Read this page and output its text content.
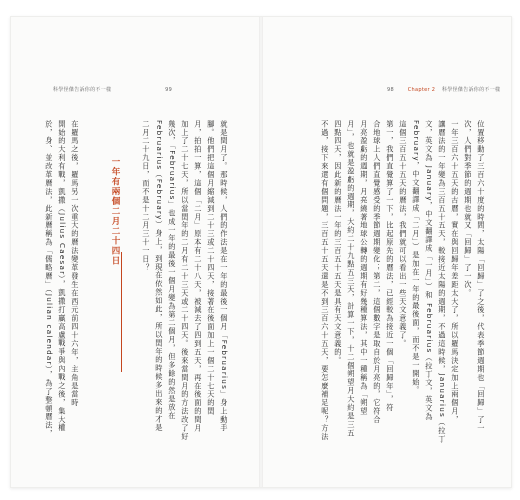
科學怪傑告訴你的不一樣	99
一年有兩個二月二十四日
於，身、並改革曆法，此新曆稱為「儒略曆」（Julian calendar），為了整頓曆法， 開始的大利有戰，凱撒（Julius Caesar），凱撒打贏高盧戰爭與內戰之後，集大權 在羅馬之後，羅馬另一次重大的曆法變革發生在西元前四十六年，主角是當時	二月二十九日，而不是十二月三十一日？ Februarius（February）身上，到現在依然如此，所以閏年的時候多出來的才是 幾次，「Februarius」也成一年的最後一個月變為第二個月，但多餘的然是放在 加上了二十七天，所以當閏年的二月有二十三天或二十四天。後來當閏月的方法改了好 月，拍拍一算，這個「二月」原本有二十八天，被減去了四到五天，再在後面的閏月 腳。他們把這個月縮減到二十三或二十四天，接著在後面加上一個二十七天的閏 就是閏月了。那時候，人們的作法是在一年的最後一個月「Februarius」身上動手
98	Chapter 2 科學怪傑告訴你的不一樣
不過，接下來還有個問題，三百五十五天還是不到三百六十五天，要怎麼補足呢？方法 四點四天，因此新的曆法一年的三百五十五天是具有天文意義的。 月」，也就是盈虧的週期，大約二十九點五三天，計算一下，十二個朔望月大約是三五 月亮盈虧的週期，月亮繞著地球公轉的週期有好幾種算法，其中一種稱為「朔望 合地球上人們直覺感受的季節週期變化；第二，這個數字是取自於月亮的，它符合 第一，我們直覺算了一下，比起原先的曆法，已經較為接近一個「回歸年」，符 這個三百五十五天的曆法，我們就可以看出一些天文意義了。 February，中文翻譯成「二月」）是加在一年的最後面，而不是一開始。 文，英文為 January，中文翻譯成「一月」）和 Februarius（拉丁文，英文為 讓曆法的一年變為三百五十五天，較接近太陽的週期，不過這時候，Januarius（拉丁 一年三百六十五天的古曆，實在與回歸年差距太大了，所以羅馬決定加上兩個月， 次，人們對季節的週期也就又「回歸」了一次。 位置移動了三百六十度的時間，太陽「回歸」了之後，代表季節週期也「回歸」了一
